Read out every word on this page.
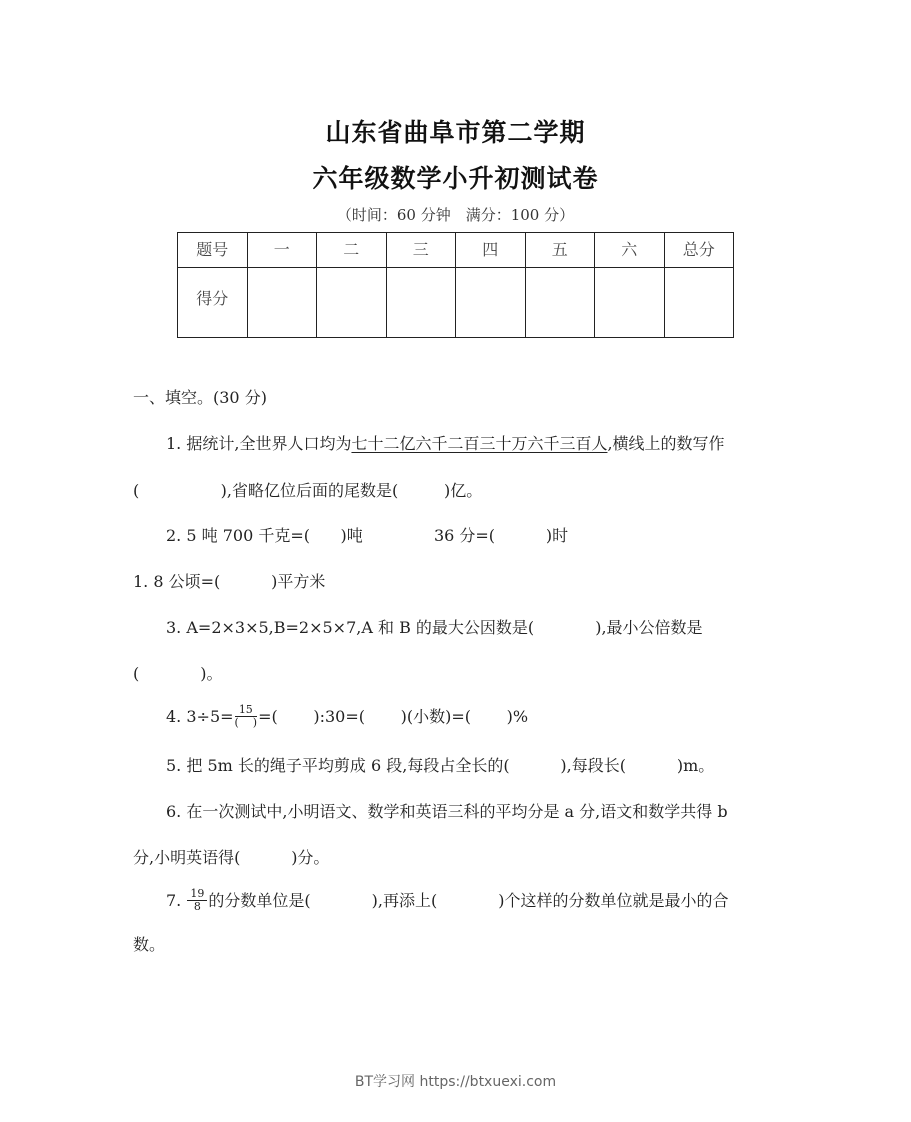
山东省曲阜市第二学期
六年级数学小升初测试卷
（时间：60 分钟　满分：100 分）
题号	一	二	三	四	五	六	总分
得分							
一、填空。(30 分)
1. 据统计,全世界人口均为七十二亿六千二百三十万六千三百人,横线上的数写作
(                ),省略亿位后面的尾数是(         )亿。
2. 5 吨 700 千克=(      )吨              36 分=(          )时
1. 8 公顷=(          )平方米
3. A=2×3×5,B=2×5×7,A 和 B 的最大公因数是(            ),最小公倍数是
(            )。
4. $3\div 5= \frac{15}{( )}$ =(       ):30=(       )(小数)=(       )%
5. 把 5m 长的绳子平均剪成 6 段,每段占全长的(          ),每段长(          )m。
6. 在一次测试中,小明语文、数学和英语三科的平均分是 a 分,语文和数学共得 b
分,小明英语得(          )分。
7. $\frac{19}{8}$ 的分数单位是(            ),再添上(            )个这样的分数单位就是最小的合
数。
BT学习网 https://btxuexi.com
